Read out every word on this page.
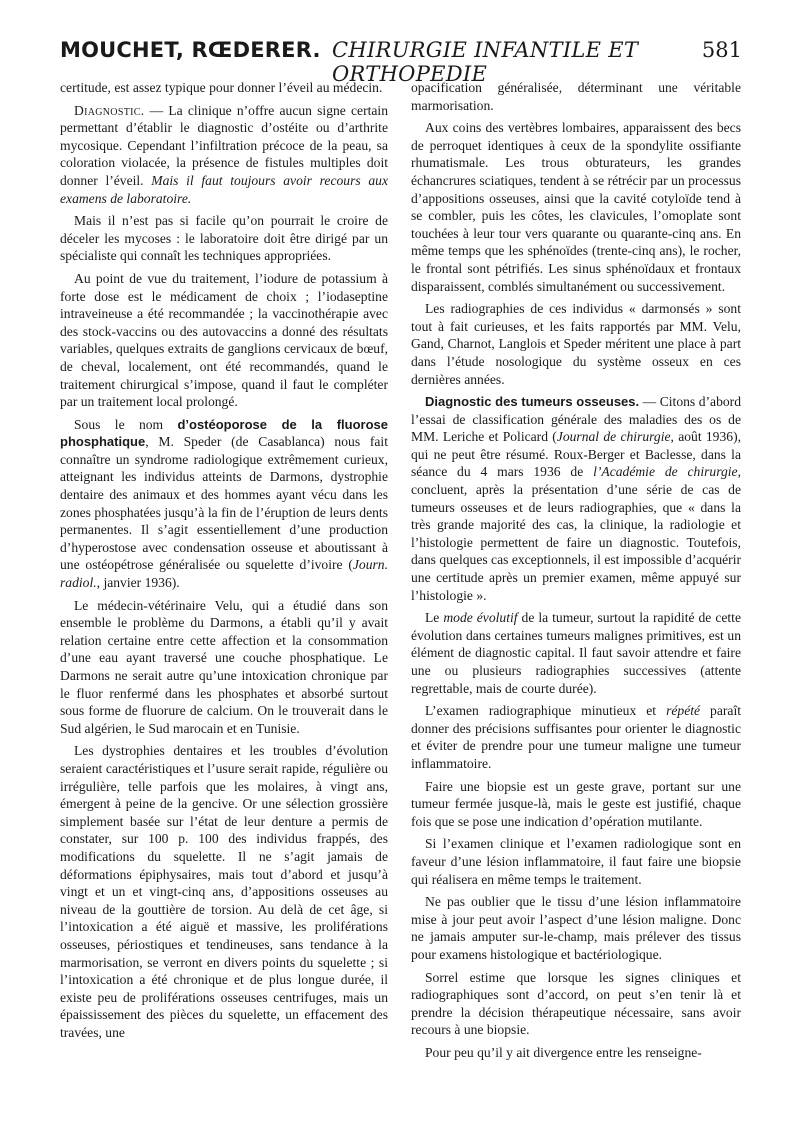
MOUCHET, RŒDERER. CHIRURGIE INFANTILE ET ORTHOPEDIE
581

certitude, est assez typique pour donner l’éveil au médecin.

Diagnostic. — La clinique n’offre aucun signe certain permettant d’établir le diagnostic d’ostéite ou d’arthrite mycosique. Cependant l’infiltration précoce de la peau, sa coloration violacée, la présence de fistules multiples doit donner l’éveil. Mais il faut toujours avoir recours aux examens de laboratoire.

Mais il n’est pas si facile qu’on pourrait le croire de déceler les mycoses : le laboratoire doit être dirigé par un spécialiste qui connaît les techniques appropriées.

Au point de vue du traitement, l’iodure de potassium à forte dose est le médicament de choix ; l’iodaseptine intraveineuse a été recommandée ; la vaccinothérapie avec des stock-vaccins ou des autovaccins a donné des résultats variables, quelques extraits de ganglions cervicaux de bœuf, de cheval, localement, ont été recommandés, quand le traitement chirurgical s’impose, quand il faut le compléter par un traitement local prolongé.

Sous le nom d’ostéoporose de la fluorose phosphatique, M. Speder (de Casablanca) nous fait connaître un syndrome radiologique extrêmement curieux, atteignant les individus atteints de Darmons, dystrophie dentaire des animaux et des hommes ayant vécu dans les zones phosphatées jusqu’à la fin de l’éruption de leurs dents permanentes. Il s’agit essentiellement d’une production d’hyperostose avec condensation osseuse et aboutissant à une ostéopétrose généralisée ou squelette d’ivoire (Journ. radiol., janvier 1936).

Le médecin-vétérinaire Velu, qui a étudié dans son ensemble le problème du Darmons, a établi qu’il y avait relation certaine entre cette affection et la consommation d’une eau ayant traversé une couche phosphatique. Le Darmons ne serait autre qu’une intoxication chronique par le fluor renfermé dans les phosphates et absorbé surtout sous forme de fluorure de calcium. On le trouverait dans le Sud algérien, le Sud marocain et en Tunisie.

Les dystrophies dentaires et les troubles d’évolution seraient caractéristiques et l’usure serait rapide, régulière ou irrégulière, telle parfois que les molaires, à vingt ans, émergent à peine de la gencive. Or une sélection grossière simplement basée sur l’état de leur denture a permis de constater, sur 100 p. 100 des individus frappés, des modifications du squelette. Il ne s’agit jamais de déformations épiphysaires, mais tout d’abord et jusqu’à vingt et un et vingt-cinq ans, d’appositions osseuses au niveau de la gouttière de torsion. Au delà de cet âge, si l’intoxication a été aiguë et massive, les proliférations osseuses, périostiques et tendineuses, sans tendance à la marmorisation, se verront en divers points du squelette ; si l’intoxication a été chronique et de plus longue durée, il existe peu de proliférations osseuses centrifuges, mais un épaississement des pièces du squelette, un effacement des travées, une

opacification généralisée, déterminant une véritable marmorisation.

Aux coins des vertèbres lombaires, apparaissent des becs de perroquet identiques à ceux de la spondylite ossifiante rhumatismale. Les trous obturateurs, les grandes échancrures sciatiques, tendent à se rétrécir par un processus d’appositions osseuses, ainsi que la cavité cotyloïde tend à se combler, puis les côtes, les clavicules, l’omoplate sont touchées à leur tour vers quarante ou quarante-cinq ans. En même temps que les sphénoïdes (trente-cinq ans), le rocher, le frontal sont pétrifiés. Les sinus sphénoïdaux et frontaux disparaissent, comblés simultanément ou successivement.

Les radiographies de ces individus « darmonsés » sont tout à fait curieuses, et les faits rapportés par MM. Velu, Gand, Charnot, Langlois et Speder méritent une place à part dans l’étude nosologique du système osseux en ces dernières années.

Diagnostic des tumeurs osseuses. — Citons d’abord l’essai de classification générale des maladies des os de MM. Leriche et Policard (Journal de chirurgie, août 1936), qui ne peut être résumé. Roux-Berger et Baclesse, dans la séance du 4 mars 1936 de l’Académie de chirurgie, concluent, après la présentation d’une série de cas de tumeurs osseuses et de leurs radiographies, que « dans la très grande majorité des cas, la clinique, la radiologie et l’histologie permettent de faire un diagnostic. Toutefois, dans quelques cas exceptionnels, il est impossible d’acquérir une certitude après un premier examen, même appuyé sur l’histologie ».

Le mode évolutif de la tumeur, surtout la rapidité de cette évolution dans certaines tumeurs malignes primitives, est un élément de diagnostic capital. Il faut savoir attendre et faire une ou plusieurs radiographies successives (attente regrettable, mais de courte durée).

L’examen radiographique minutieux et répété paraît donner des précisions suffisantes pour orienter le diagnostic et éviter de prendre pour une tumeur maligne une tumeur inflammatoire.

Faire une biopsie est un geste grave, portant sur une tumeur fermée jusque-là, mais le geste est justifié, chaque fois que se pose une indication d’opération mutilante.

Si l’examen clinique et l’examen radiologique sont en faveur d’une lésion inflammatoire, il faut faire une biopsie qui réalisera en même temps le traitement.

Ne pas oublier que le tissu d’une lésion inflammatoire mise à jour peut avoir l’aspect d’une lésion maligne. Donc ne jamais amputer sur-le-champ, mais prélever des tissus pour examens histologique et bactériologique.

Sorrel estime que lorsque les signes cliniques et radiographiques sont d’accord, on peut s’en tenir là et prendre la décision thérapeutique nécessaire, sans avoir recours à une biopsie.

Pour peu qu’il y ait divergence entre les renseigne-
